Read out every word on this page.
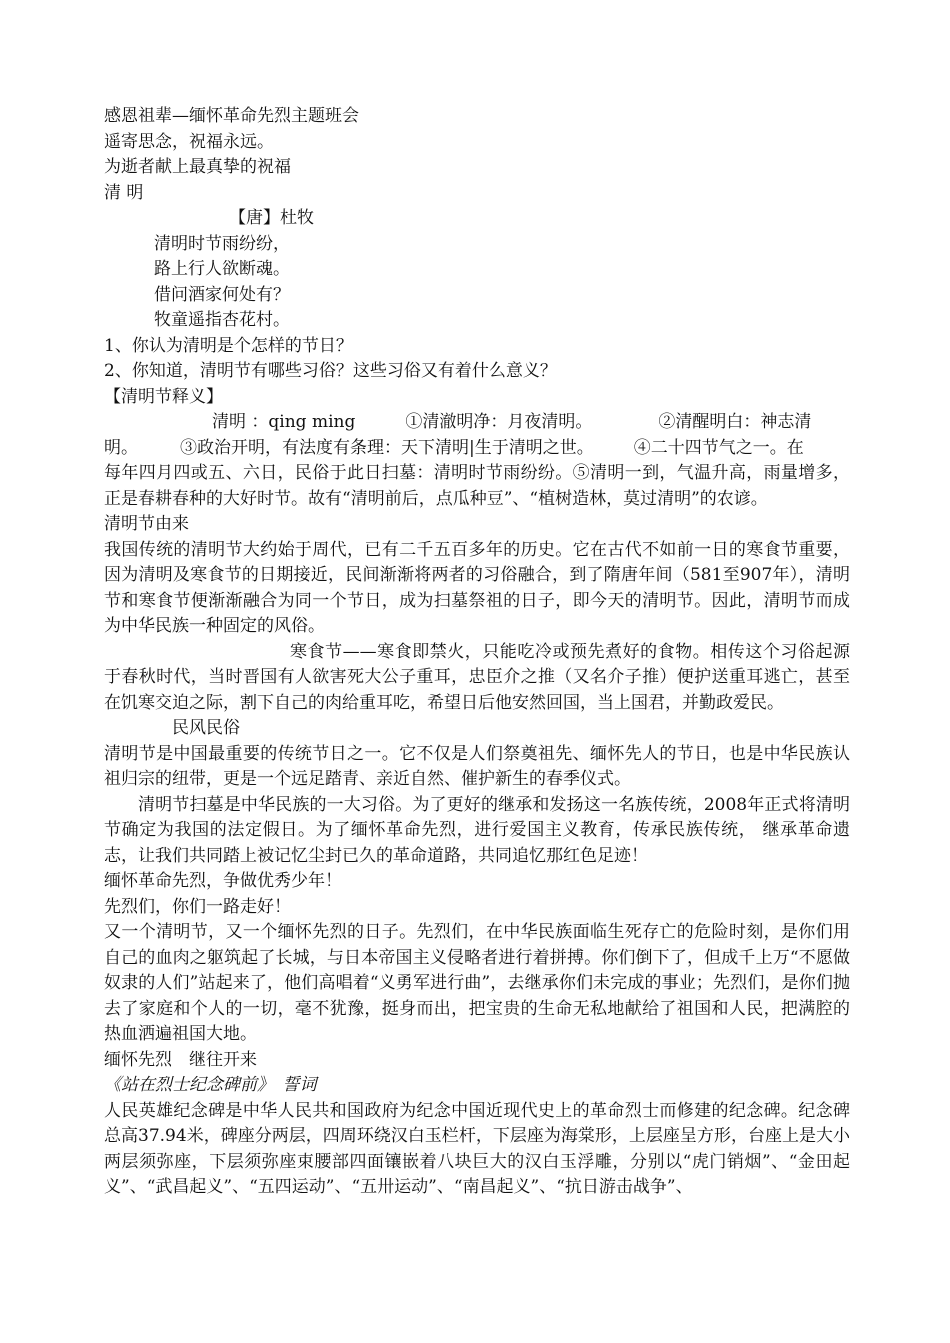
感恩祖辈—缅怀革命先烈主题班会

遥寄思念，祝福永远。

为逝者献上最真挚的祝福

清 明

【唐】杜牧

清明时节雨纷纷，

路上行人欲断魂。

借问酒家何处有？

牧童遥指杏花村。

1、你认为清明是个怎样的节日？

2、你知道，清明节有哪些习俗？这些习俗又有着什么意义？

【清明节释义】

清明 ：qing ming	①清澈明净：月夜清明。	②清醒明白：神志清

明。 ③政治开明，有法度有条理：天下清明|生于清明之世。 ④二十四节气之一。在

每年四月四或五、六日，民俗于此日扫墓：清明时节雨纷纷。⑤清明一到，气温升高，雨量增多，正是春耕春种的大好时节。故有“清明前后，点瓜种豆”、“植树造林，莫过清明”的农谚。

清明节由来

我国传统的清明节大约始于周代，已有二千五百多年的历史。它在古代不如前一日的寒食节重要，因为清明及寒食节的日期接近，民间渐渐将两者的习俗融合，到了隋唐年间（581至907年），清明节和寒食节便渐渐融合为同一个节日，成为扫墓祭祖的日子，即今天的清明节。因此，清明节而成为中华民族一种固定的风俗。

寒食节——寒食即禁火，只能吃冷或预先煮好的食物。相传这个习俗起源于春秋时代，当时晋国有人欲害死大公子重耳，忠臣介之推（又名介子推）便护送重耳逃亡，甚至在饥寒交迫之际，割下自己的肉给重耳吃，希望日后他安然回国，当上国君，并勤政爱民。

民风民俗

清明节是中国最重要的传统节日之一。它不仅是人们祭奠祖先、缅怀先人的节日，也是中华民族认祖归宗的纽带，更是一个远足踏青、亲近自然、催护新生的春季仪式。

清明节扫墓是中华民族的一大习俗。为了更好的继承和发扬这一名族传统，2008年正式将清明节确定为我国的法定假日。为了缅怀革命先烈，进行爱国主义教育，传承民族传统， 继承革命遗志，让我们共同踏上被记忆尘封已久的革命道路，共同追忆那红色足迹！

缅怀革命先烈，争做优秀少年！

先烈们，你们一路走好！

又一个清明节，又一个缅怀先烈的日子。先烈们，在中华民族面临生死存亡的危险时刻，是你们用自己的血肉之躯筑起了长城，与日本帝国主义侵略者进行着拼搏。你们倒下了，但成千上万“不愿做奴隶的人们”站起来了，他们高唱着“义勇军进行曲”，去继承你们未完成的事业；先烈们，是你们抛去了家庭和个人的一切，毫不犹豫，挺身而出，把宝贵的生命无私地献给了祖国和人民，把满腔的热血洒遍祖国大地。

缅怀先烈　继往开来

《站在烈士纪念碑前》　誓词

人民英雄纪念碑是中华人民共和国政府为纪念中国近现代史上的革命烈士而修建的纪念碑。纪念碑总高37.94米，碑座分两层，四周环绕汉白玉栏杆，下层座为海棠形，上层座呈方形，台座上是大小两层须弥座，下层须弥座束腰部四面镶嵌着八块巨大的汉白玉浮雕，分别以“虎门销烟”、“金田起义”、“武昌起义”、“五四运动”、“五卅运动”、“南昌起义”、“抗日游击战争”、
